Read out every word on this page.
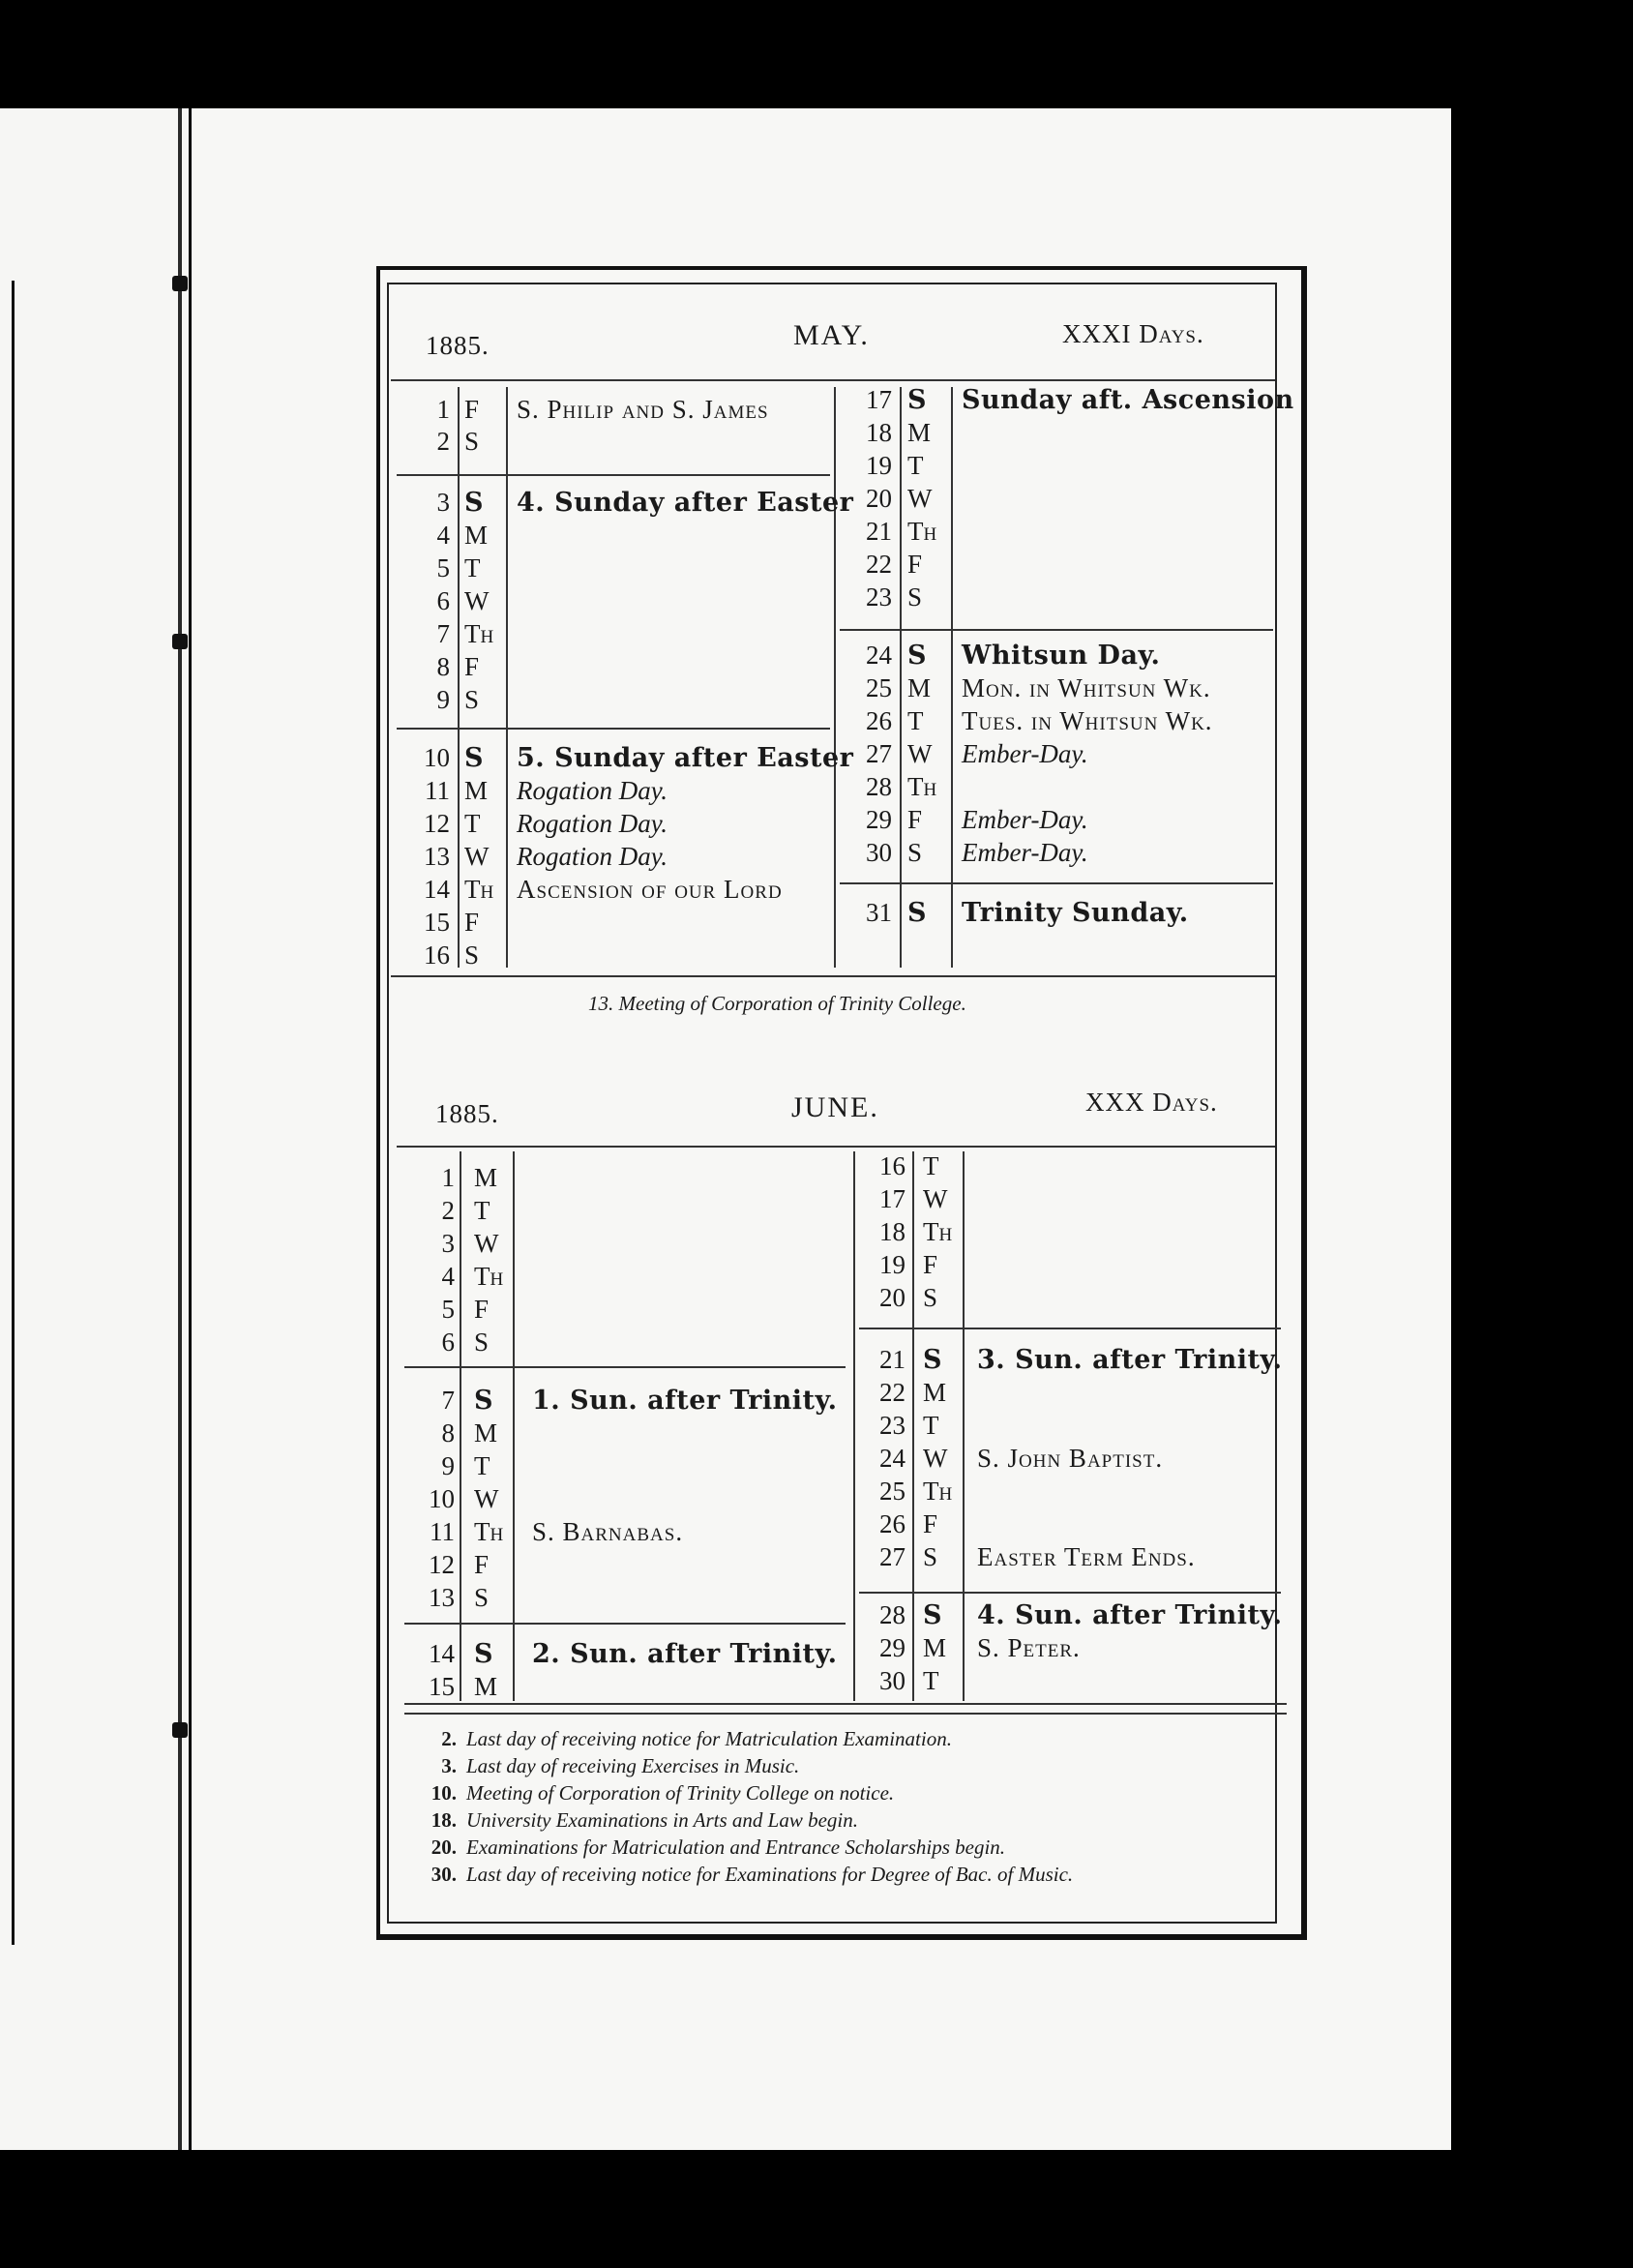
1885.	MAY.	XXXI Days.
1 F S. Philip and S. James
2 S
3 S 4. Sunday after Easter
4 M
5 T
6 W
7 Th
8 F
9 S
10 S 5. Sunday after Easter
11 M Rogation Day.
12 T Rogation Day.
13 W Rogation Day.
14 Th Ascension of our Lord
15 F
16 S
17 S Sunday aft. Ascension
18 M
19 T
20 W
21 Th
22 F
23 S
24 S Whitsun Day.
25 M Mon. in Whitsun Wk.
26 T Tues. in Whitsun Wk.
27 W Ember-Day.
28 Th
29 F Ember-Day.
30 S Ember-Day.
31 S Trinity Sunday.
13. Meeting of Corporation of Trinity College.
1885.	JUNE.	XXX Days.
1 M
2 T
3 W
4 Th
5 F
6 S
7 S 1. Sun. after Trinity.
8 M
9 T
10 W
11 Th S. Barnabas.
12 F
13 S
14 S 2. Sun. after Trinity.
15 M
16 T
17 W
18 Th
19 F
20 S
21 S 3. Sun. after Trinity.
22 M
23 T
24 W S. John Baptist.
25 Th
26 F
27 S Easter Term Ends.
28 S 4. Sun. after Trinity.
29 M S. Peter.
30 T
2. Last day of receiving notice for Matriculation Examination.
3. Last day of receiving Exercises in Music.
10. Meeting of Corporation of Trinity College on notice.
18. University Examinations in Arts and Law begin.
20. Examinations for Matriculation and Entrance Scholarships begin.
30. Last day of receiving notice for Examinations for Degree of Bac. of Music.
